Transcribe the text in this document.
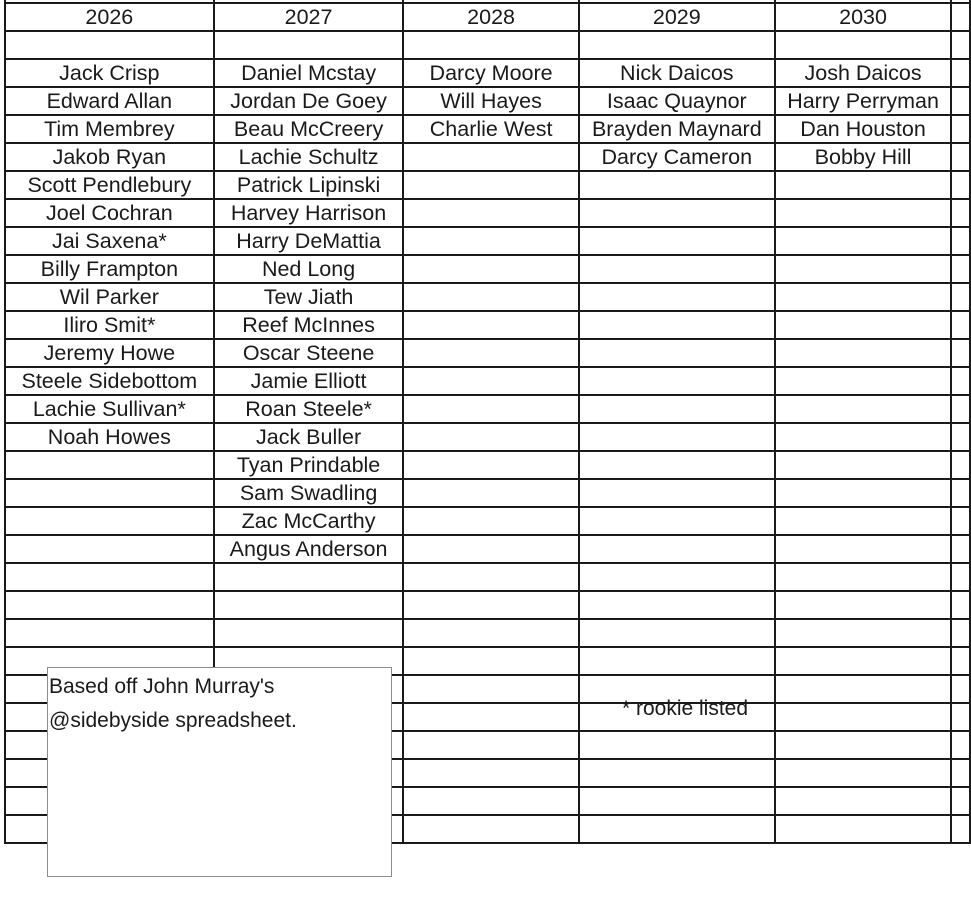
2026	2027	2028	2029	2030	

Jack Crisp	Daniel Mcstay	Darcy Moore	Nick Daicos	Josh Daicos	
Edward Allan	Jordan De Goey	Will Hayes	Isaac Quaynor	Harry Perryman	
Tim Membrey	Beau McCreery	Charlie West	Brayden Maynard	Dan Houston	
Jakob Ryan	Lachie Schultz		Darcy Cameron	Bobby Hill	
Scott Pendlebury	Patrick Lipinski				
Joel Cochran	Harvey Harrison				
Jai Saxena*	Harry DeMattia				
Billy Frampton	Ned Long				
Wil Parker	Tew Jiath				
Iliro Smit*	Reef McInnes				
Jeremy Howe	Oscar Steene				
Steele Sidebottom	Jamie Elliott				
Lachie Sullivan*	Roan Steele*				
Noah Howes	Jack Buller				
	Tyan Prindable				
	Sam Swadling				
	Zac McCarthy				
	Angus Anderson				

Based off John Murray's
@sideby​side spreadsheet.
* rookie listed
